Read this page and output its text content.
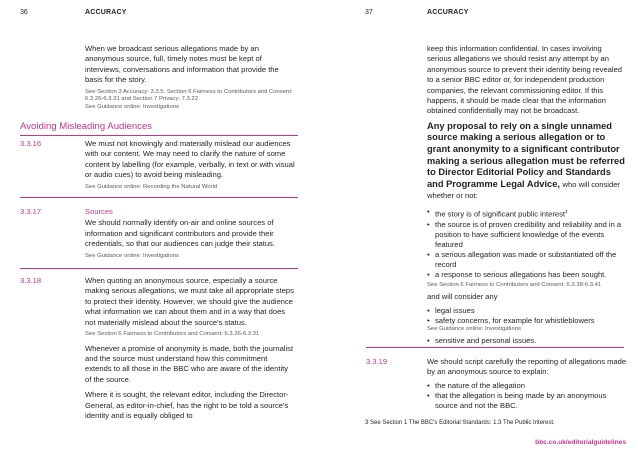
36	ACCURACY

When we broadcast serious allegations made by an anonymous source, full, timely notes must be kept of interviews, conversations and information that provide the basis for the story.

See Section 3 Accuracy: 3.3.5, Section 6 Fairness to Contributors and Consent: 6.3.26-6.3.31 and Section 7 Privacy: 7.3.22

See Guidance online: Investigations

Avoiding Misleading Audiences
3.3.16	We must not knowingly and materially mislead our audiences with our content. We may need to clarify the nature of some content by labelling (for example, verbally, in text or with visual or audio cues) to avoid being misleading.

See Guidance online: Recording the Natural World

3.3.17	Sources

We should normally identify on-air and online sources of information and significant contributors and provide their credentials, so that our audiences can judge their status.

See Guidance online: Investigations

3.3.18	When quoting an anonymous source, especially a source making serious allegations, we must take all appropriate steps to protect their identity. However, we should give the audience what information we can about them and in a way that does not materially mislead about the source's status.

See Section 6 Fairness to Contributors and Consent: 6.3.26-6.3.31

Whenever a promise of anonymity is made, both the journalist and the source must understand how this commitment extends to all those in the BBC who are aware of the identity of the source.

Where it is sought, the relevant editor, including the Director-General, as editor-in-chief, has the right to be told a source's identity and is equally obliged to

37	ACCURACY

keep this information confidential. In cases involving serious allegations we should resist any attempt by an anonymous source to prevent their identity being revealed to a senior BBC editor or, for independent production companies, the relevant commissioning editor. If this happens, it should be made clear that the information obtained confidentially may not be broadcast.

Any proposal to rely on a single unnamed source making a serious allegation or to grant anonymity to a significant contributor making a serious allegation must be referred to Director Editorial Policy and Standards and Programme Legal Advice, who will consider whether or not:

• the story is of significant public interest$^3$
• the source is of proven credibility and reliability and in a position to have sufficient knowledge of the events featured
• a serious allegation was made or substantiated off the record
• a response to serious allegations has been sought.

See Section 6 Fairness to Contributors and Consent: 6.3.38-6.3.41

and will consider any

• legal issues
• safety concerns, for example for whistleblowers

See Guidance online: Investigations

• sensitive and personal issues.
3.3.19	We should script carefully the reporting of allegations made by an anonymous source to explain:

• the nature of the allegation
• that the allegation is being made by an anonymous source and not the BBC.
3 See Section 1 The BBC's Editorial Standards: 1.3 The Public Interest.
bbc.co.uk/editorialguidelines
